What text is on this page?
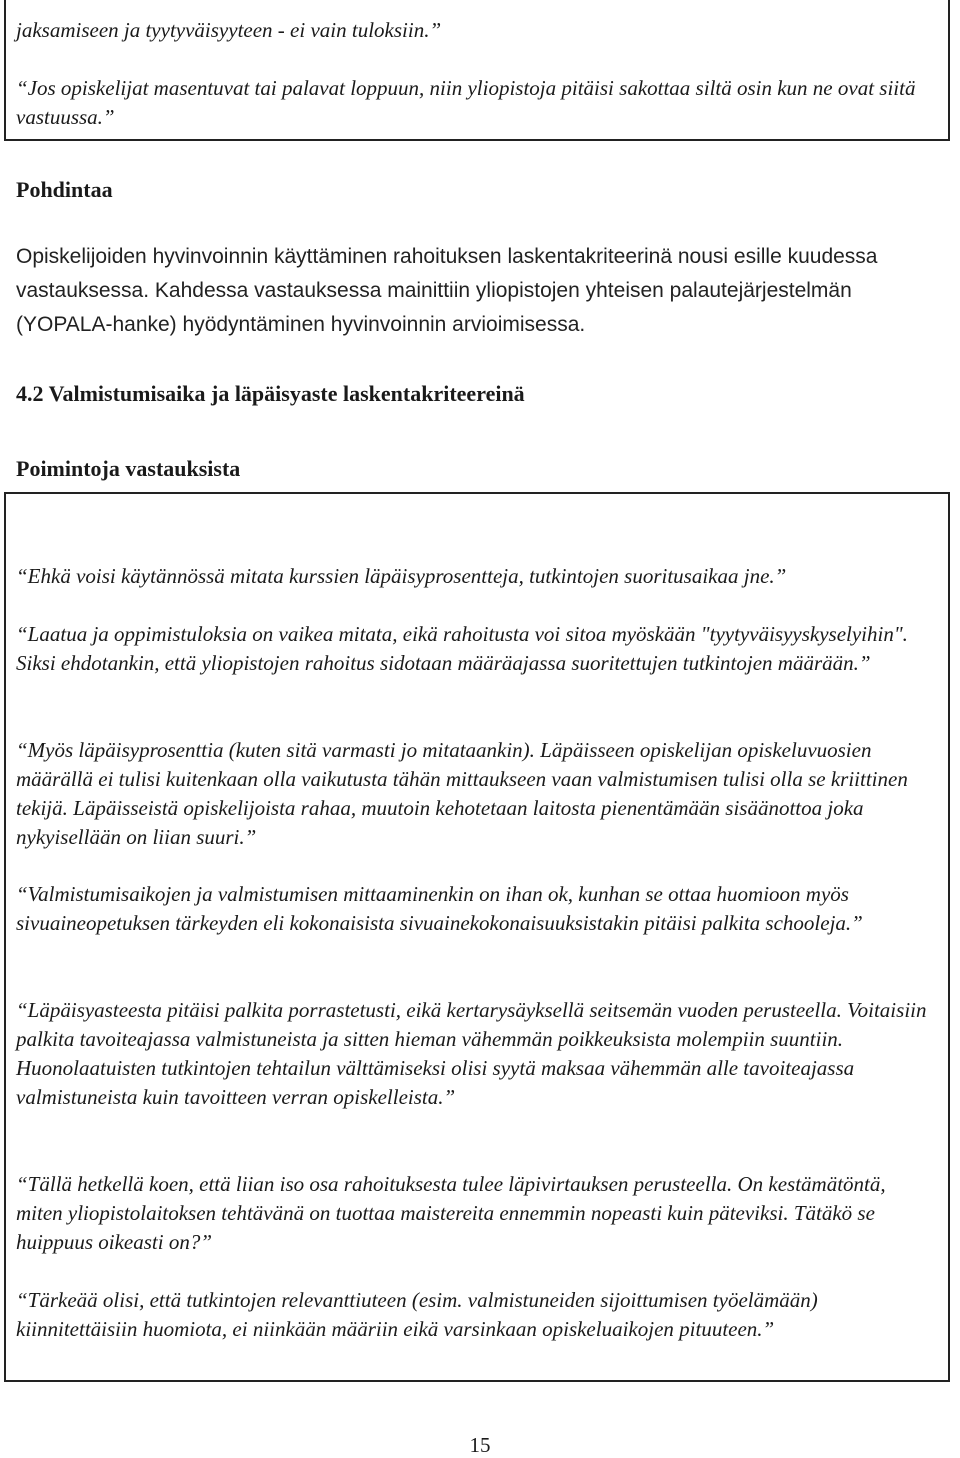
jaksamiseen ja tyytyväisyyteen - ei vain tuloksiin.”

“Jos opiskelijat masentuvat tai palavat loppuun, niin yliopistoja pitäisi sakottaa siltä osin kun ne ovat siitä vastuussa.”

Pohdintaa

Opiskelijoiden hyvinvoinnin käyttäminen rahoituksen laskentakriteerinä nousi esille kuudessa vastauksessa. Kahdessa vastauksessa mainittiin yliopistojen yhteisen palautejärjestelmän (YOPALA-hanke) hyödyntäminen hyvinvoinnin arvioimisessa.

4.2 Valmistumisaika ja läpäisyaste laskentakriteereinä
Poimintoja vastauksista

“Ehkä voisi käytännössä mitata kurssien läpäisyprosentteja, tutkintojen suoritusaikaa jne.”

“Laatua ja oppimistuloksia on vaikea mitata, eikä rahoitusta voi sitoa myöskään "tyytyväisyyskyselyihin". Siksi ehdotankin, että yliopistojen rahoitus sidotaan määräajassa suoritettujen tutkintojen määrään.”

“Myös läpäisyprosenttia (kuten sitä varmasti jo mitataankin). Läpäisseen opiskelijan opiskeluvuosien määrällä ei tulisi kuitenkaan olla vaikutusta tähän mittaukseen vaan valmistumisen tulisi olla se kriittinen tekijä. Läpäisseistä opiskelijoista rahaa, muutoin kehotetaan laitosta pienentämään sisäänottoa joka nykyisellään on liian suuri.”

“Valmistumisaikojen ja valmistumisen mittaaminenkin on ihan ok, kunhan se ottaa huomioon myös sivuaineopetuksen tärkeyden eli kokonaisista sivuainekokonaisuuksistakin pitäisi palkita schooleja.”

“Läpäisyasteesta pitäisi palkita porrastetusti, eikä kertarysäyksellä seitsemän vuoden perusteella. Voitaisiin palkita tavoiteajassa valmistuneista ja sitten hieman vähemmän poikkeuksista molempiin suuntiin. Huonolaatuisten tutkintojen tehtailun välttämiseksi olisi syytä maksaa vähemmän alle tavoiteajassa valmistuneista kuin tavoitteen verran opiskelleista.”

“Tällä hetkellä koen, että liian iso osa rahoituksesta tulee läpivirtauksen perusteella. On kestämätöntä, miten yliopistolaitoksen tehtävänä on tuottaa maistereita ennemmin nopeasti kuin päteviksi. Tätäkö se huippuus oikeasti on?”

“Tärkeää olisi, että tutkintojen relevanttiuteen (esim. valmistuneiden sijoittumisen työelämään) kiinnitettäisiin huomiota, ei niinkään määriin eikä varsinkaan opiskeluaikojen pituuteen.”

15
